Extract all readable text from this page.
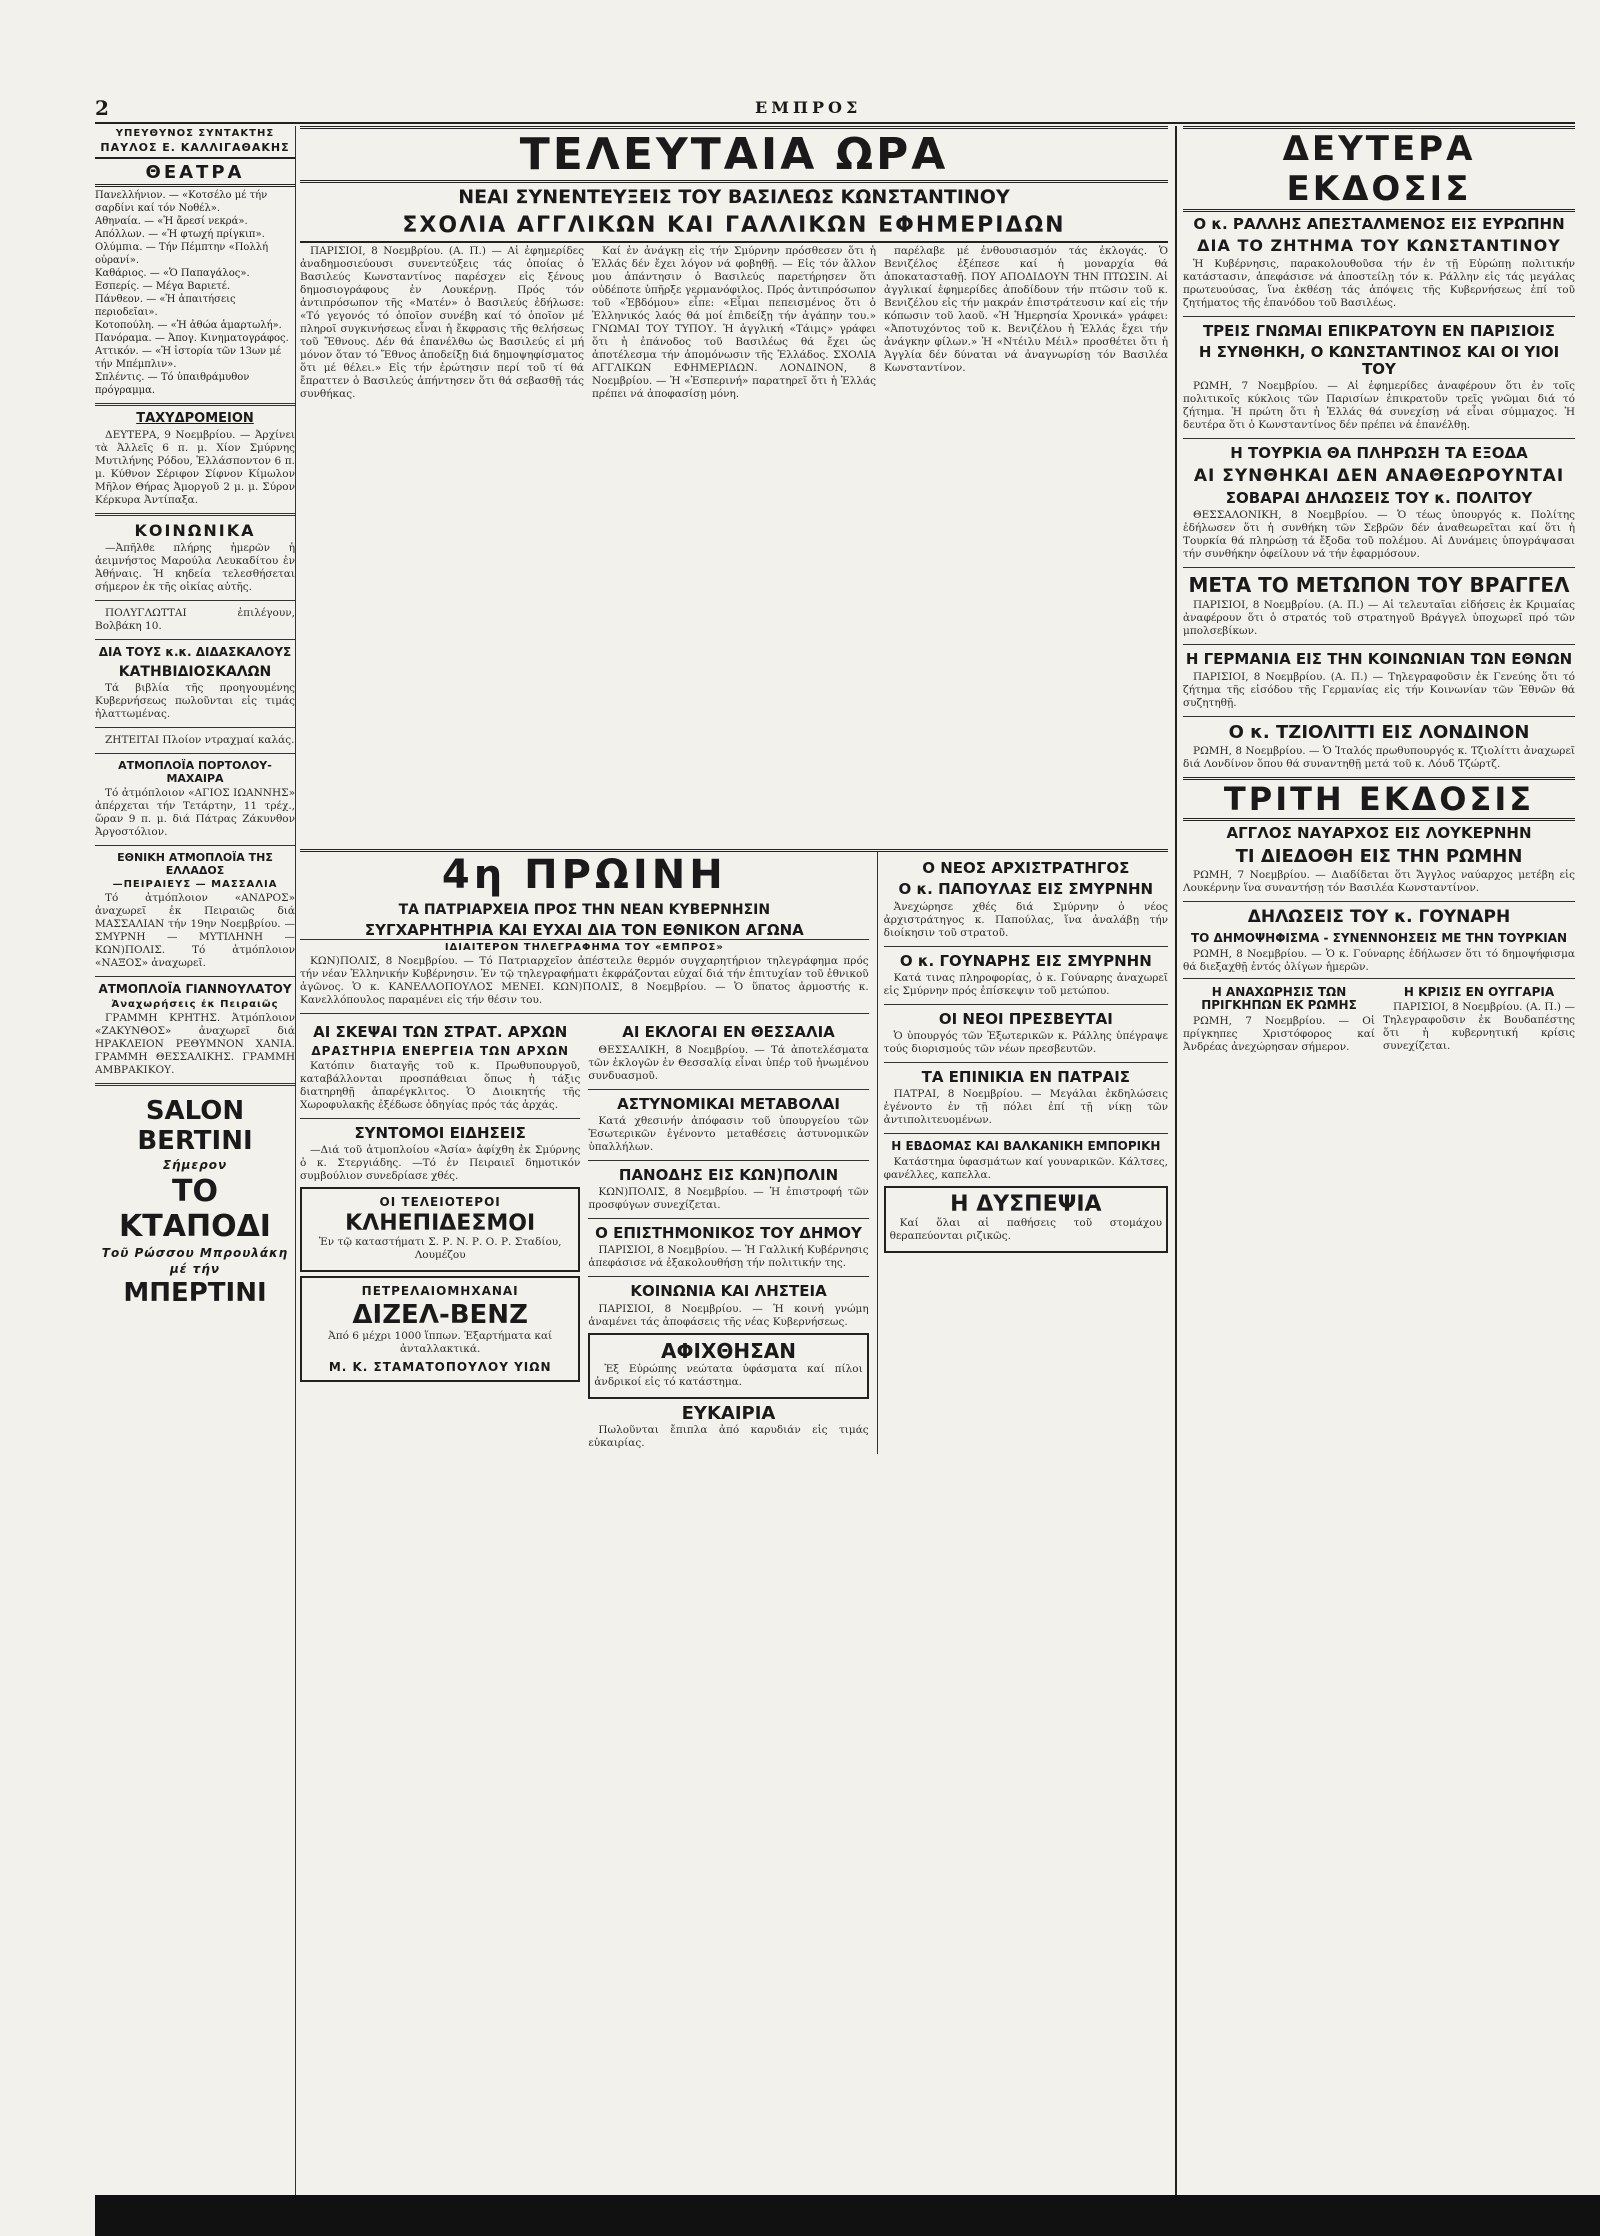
2	ΕΜΠΡΟΣ
ΥΠΕΥΘΥΝΟΣ ΣΥΝΤΑΚΤΗΣ
ΠΑΥΛΟΣ Ε. ΚΑΛΛΙΓΑΘΑΚΗΣ
ΘΕΑΤΡΑ
Πανελλήνιον. — «Κοτσέλο μέ τήν σαρδίνι καί τόν Νοθέλ».
Αθηναία. — «Ἡ ἄρεσί νεκρά».
Απόλλων. — «Ἡ φτωχή πρίγκιπ».
Ολύμπια. — Τήν Πέμπτην «Πολλή οὐρανί».
Καθάριος. — «Ὁ Παπαγάλος».
Εσπερίς. — Μέγα Βαριετέ.
Πάνθεον. — «Ἡ ἀπαιτήσεις περιοδεῖαι».
Κοτοπούλη. — «Ἡ ἀθώα ἁμαρτωλή».
Πανόραμα. — Ἀπογ. Κινηματογράφος.
Αττικόν. — «Ἡ ἱστορία τῶν 13ων μέ τήν Μπέμπλιν».
Σπλέντις. — Τό ὑπαιθράμυθον πρόγραμμα.
ΤΑΧΥΔΡΟΜΕΙΟΝ

ΔΕΥΤΕΡΑ, 9 Νοεμβρίου. — Ἀρχίνει τὰ Ἀλλεῖς 6 π. μ. Χίον Σμύρνης Μυτιλήνης Ρόδου, Ἑλλάσποντον 6 π. μ. Κύθνον Σέριφον Σίφνον Κίμωλον Μῆλον Θήρας Ἀμοργοῦ 2 μ. μ. Σύρον Κέρκυρα Ἀντίπαξα.

ΚΟΙΝΩΝΙΚΑ

—Ἀπῆλθε πλήρης ἡμερῶν ἡ ἀειμνήστος Μαρούλα Λευκαδίτου ἐν Ἀθήναις. Ἡ κηδεία τελεσθήσεται σήμερον ἐκ τῆς οἰκίας αὐτῆς.

ΠΟΛΥΓΛΩΤΤΑΙ ἐπιλέγουν, Βολβάκη 10.

ΔΙΑ ΤΟΥΣ κ.κ. ΔΙΔΑΣΚΑΛΟΥΣ
ΚΑΤΗΒΙΔΙΟΣΚΑΛΩΝ

Τά βιβλία τῆς προηγουμένης Κυβερνήσεως πωλοῦνται εἰς τιμάς ἡλαττωμένας.

ΖΗΤΕΙΤΑΙ Πλοίον ντραχμαί καλάς.

ΑΤΜΟΠΛΟΪΑ ΠΟΡΤΟΛΟΥ-ΜΑΧΑΙΡΑ

Τό ἀτμόπλοιον «ΑΓΙΟΣ ΙΩΑΝΝΗΣ» ἀπέρχεται τήν Τετάρτην, 11 τρέχ., ὥραν 9 π. μ. διά Πάτρας Ζάκυνθον Ἀργοστόλιον.

ΕΘΝΙΚΗ ΑΤΜΟΠΛΟΪΑ ΤΗΣ ΕΛΛΑΔΟΣ
—ΠΕΙΡΑΙΕΥΣ — ΜΑΣΣΑΛΙΑ

Τό ἀτμόπλοιον «ΑΝΔΡΟΣ» ἀναχωρεῖ ἐκ Πειραιῶς διά ΜΑΣΣΑΛΙΑΝ τήν 19ην Νοεμβρίου. — ΣΜΥΡΝΗ — ΜΥΤΙΛΗΝΗ — ΚΩΝ)ΠΟΛΙΣ. Τό ἀτμόπλοιον «ΝΑΞΟΣ» ἀναχωρεῖ.

ΑΤΜΟΠΛΟΪΑ ΓΙΑΝΝΟΥΛΑΤΟΥ
Ἀναχωρήσεις ἐκ Πειραιῶς

ΓΡΑΜΜΗ ΚΡΗΤΗΣ. Ἀτμόπλοιον «ΖΑΚΥΝΘΟΣ» ἀναχωρεῖ διά ΗΡΑΚΛΕΙΟΝ ΡΕΘΥΜΝΟΝ ΧΑΝΙΑ. ΓΡΑΜΜΗ ΘΕΣΣΑΛΙΚΗΣ. ΓΡΑΜΜΗ ΑΜΒΡΑΚΙΚΟΥ.

SALON BERTINI
Σήμερον
ΤΟ ΚΤΑΠΟΔΙ
Τοῦ Ρώσσου Μπρουλάκη
μέ τήν
ΜΠΕΡΤΙΝΙ
ΤΕΛΕΥΤΑΙΑ ΩΡΑ
ΝΕΑΙ ΣΥΝΕΝΤΕΥΞΕΙΣ ΤΟΥ ΒΑΣΙΛΕΩΣ ΚΩΝΣΤΑΝΤΙΝΟΥ
ΣΧΟΛΙΑ ΑΓΓΛΙΚΩΝ ΚΑΙ ΓΑΛΛΙΚΩΝ ΕΦΗΜΕΡΙΔΩΝ

ΠΑΡΙΣΙΟΙ, 8 Νοεμβρίου. (Α. Π.) — Αἱ ἐφημερίδες ἀναδημοσιεύουσι συνεντεύξεις τάς ὁποίας ὁ Βασιλεύς Κωνσταντίνος παρέσχεν εἰς ξένους δημοσιογράφους ἐν Λουκέρνῃ. Πρός τόν ἀντιπρόσωπον τῆς «Ματέν» ὁ Βασιλεύς ἐδήλωσε: «Τό γεγονός τό ὁποῖον συνέβη καί τό ὁποῖον μέ πληροῖ συγκινήσεως εἶναι ἡ ἔκφρασις τῆς θελήσεως τοῦ Ἔθνους. Δέν θά ἐπανέλθω ὡς Βασιλεύς εἰ μή μόνον ὅταν τό Ἔθνος ἀποδείξῃ διά δημοψηφίσματος ὅτι μέ θέλει.» Εἰς τήν ἐρώτησιν περί τοῦ τί θά ἔπραττεν ὁ Βασιλεύς ἀπήντησεν ὅτι θά σεβασθῇ τάς συνθήκας.

Καί ἐν ἀνάγκῃ εἰς τήν Σμύρνην πρόσθεσεν ὅτι ἡ Ἑλλάς δέν ἔχει λόγον νά φοβηθῇ. — Εἰς τόν ἄλλον μου ἀπάντησιν ὁ Βασιλεύς παρετήρησεν ὅτι οὐδέποτε ὑπῆρξε γερμανόφιλος. Πρός ἀντιπρόσωπον τοῦ «Ἐβδόμου» εἶπε: «Εἶμαι πεπεισμένος ὅτι ὁ Ἑλληνικός λαός θά μοί ἐπιδείξῃ τήν ἀγάπην του.» ΓΝΩΜΑΙ ΤΟΥ ΤΥΠΟΥ. Ἡ ἀγγλική «Τάιμς» γράφει ὅτι ἡ ἐπάνοδος τοῦ Βασιλέως θά ἔχει ὡς ἀποτέλεσμα τήν ἀπομόνωσιν τῆς Ἑλλάδος. ΣΧΟΛΙΑ ΑΓΓΛΙΚΩΝ ΕΦΗΜΕΡΙΔΩΝ. ΛΟΝΔΙΝΟΝ, 8 Νοεμβρίου. — Ἡ «Ἐσπερινή» παρατηρεῖ ὅτι ἡ Ἑλλάς πρέπει νά ἀποφασίσῃ μόνη.

παρέλαβε μέ ἐνθουσιασμόν τάς ἐκλογάς. Ὁ Βενιζέλος ἐξέπεσε καί ἡ μοναρχία θά ἀποκατασταθῇ. ΠΟΥ ΑΠΟΔΙΔΟΥΝ ΤΗΝ ΠΤΩΣΙΝ. Αἱ ἀγγλικαί ἐφημερίδες ἀποδίδουν τήν πτῶσιν τοῦ κ. Βενιζέλου εἰς τήν μακράν ἐπιστράτευσιν καί εἰς τήν κόπωσιν τοῦ λαοῦ. «Ἡ Ἡμερησία Χρονικά» γράφει: «Ἀποτυχόντος τοῦ κ. Βενιζέλου ἡ Ἑλλάς ἔχει τήν ἀνάγκην φίλων.» Ἡ «Ντέιλυ Μέιλ» προσθέτει ὅτι ἡ Ἀγγλία δέν δύναται νά ἀναγνωρίσῃ τόν Βασιλέα Κωνσταντίνον.

4η ΠΡΩΙΝΗ
ΤΑ ΠΑΤΡΙΑΡΧΕΙΑ ΠΡΟΣ ΤΗΝ ΝΕΑΝ ΚΥΒΕΡΝΗΣΙΝ
ΣΥΓΧΑΡΗΤΗΡΙΑ ΚΑΙ ΕΥΧΑΙ ΔΙΑ ΤΟΝ ΕΘΝΙΚΟΝ ΑΓΩΝΑ
ΙΔΙΑΙΤΕΡΟΝ ΤΗΛΕΓΡΑΦΗΜΑ ΤΟΥ «ΕΜΠΡΟΣ»

ΚΩΝ)ΠΟΛΙΣ, 8 Νοεμβρίου. — Τό Πατριαρχεῖον ἀπέστειλε θερμόν συγχαρητήριον τηλεγράφημα πρός τήν νέαν Ἑλληνικήν Κυβέρνησιν. Ἐν τῷ τηλεγραφήματι ἐκφράζονται εὐχαί διά τήν ἐπιτυχίαν τοῦ ἐθνικοῦ ἀγῶνος. Ὁ κ. ΚΑΝΕΛΛΟΠΟΥΛΟΣ ΜΕΝΕΙ. ΚΩΝ)ΠΟΛΙΣ, 8 Νοεμβρίου. — Ὁ ὕπατος ἀρμοστής κ. Κανελλόπουλος παραμένει εἰς τήν θέσιν του.

ΑΙ ΣΚΕΨΑΙ ΤΩΝ ΣΤΡΑΤ. ΑΡΧΩΝ
ΔΡΑΣΤΗΡΙΑ ΕΝΕΡΓΕΙΑ ΤΩΝ ΑΡΧΩΝ

Κατόπιν διαταγῆς τοῦ κ. Πρωθυπουργοῦ, καταβάλλονται προσπάθειαι ὅπως ἡ τάξις διατηρηθῇ ἀπαρέγκλιτος. Ὁ Διοικητής τῆς Χωροφυλακῆς ἐξέδωσε ὁδηγίας πρός τάς ἀρχάς.

ΣΥΝΤΟΜΟΙ ΕΙΔΗΣΕΙΣ

—Διά τοῦ ἀτμοπλοίου «Ἀσία» ἀφίχθη ἐκ Σμύρνης ὁ κ. Στεργιάδης. —Τό ἐν Πειραιεῖ δημοτικόν συμβούλιον συνεδρίασε χθές.

ΟΙ ΤΕΛΕΙΟΤΕΡΟΙ
ΚΛΗΕΠΙΔΕΣΜΟΙ

Ἐν τῷ καταστήματι Σ. Ρ. Ν. Ρ. Ο. Ρ. Σταδίου, Λουμέζου

ΠΕΤΡΕΛΑΙΟΜΗΧΑΝΑΙ
ΔΙΖΕΛ-ΒΕΝΖ

Ἀπό 6 μέχρι 1000 ἵππων. Ἐξαρτήματα καί ἀνταλλακτικά.

Μ. Κ. ΣΤΑΜΑΤΟΠΟΥΛΟΥ ΥΙΩΝ
ΑΙ ΕΚΛΟΓΑΙ ΕΝ ΘΕΣΣΑΛΙΑ

ΘΕΣΣΑΛΙΚΗ, 8 Νοεμβρίου. — Τά ἀποτελέσματα τῶν ἐκλογῶν ἐν Θεσσαλίᾳ εἶναι ὑπέρ τοῦ ἡνωμένου συνδυασμοῦ.

ΑΣΤΥΝΟΜΙΚΑΙ ΜΕΤΑΒΟΛΑΙ

Κατά χθεσινήν ἀπόφασιν τοῦ ὑπουργείου τῶν Ἐσωτερικῶν ἐγένοντο μεταθέσεις ἀστυνομικῶν ὑπαλλήλων.

ΠΑΝΟΔΗΣ ΕΙΣ ΚΩΝ)ΠΟΛΙΝ

ΚΩΝ)ΠΟΛΙΣ, 8 Νοεμβρίου. — Ἡ ἐπιστροφή τῶν προσφύγων συνεχίζεται.

Ο ΕΠΙΣΤΗΜΟΝΙΚΟΣ ΤΟΥ ΔΗΜΟΥ

ΠΑΡΙΣΙΟΙ, 8 Νοεμβρίου. — Ἡ Γαλλική Κυβέρνησις ἀπεφάσισε νά ἐξακολουθήσῃ τήν πολιτικήν της.

ΚΟΙΝΩΝΙΑ ΚΑΙ ΛΗΣΤΕΙΑ

ΠΑΡΙΣΙΟΙ, 8 Νοεμβρίου. — Ἡ κοινή γνώμη ἀναμένει τάς ἀποφάσεις τῆς νέας Κυβερνήσεως.

ΑΦΙΧΘΗΣΑΝ

Ἐξ Εὐρώπης νεώτατα ὑφάσματα καί πίλοι ἀνδρικοί εἰς τό κατάστημα.

ΕΥΚΑΙΡΙΑ

Πωλοῦνται ἔπιπλα ἀπό καρυδιάν εἰς τιμάς εὐκαιρίας.

Ο ΝΕΟΣ ΑΡΧΙΣΤΡΑΤΗΓΟΣ
Ο κ. ΠΑΠΟΥΛΑΣ ΕΙΣ ΣΜΥΡΝΗΝ

Ἀνεχώρησε χθές διά Σμύρνην ὁ νέος ἀρχιστράτηγος κ. Παπούλας, ἵνα ἀναλάβῃ τήν διοίκησιν τοῦ στρατοῦ.

Ο κ. ΓΟΥΝΑΡΗΣ ΕΙΣ ΣΜΥΡΝΗΝ

Κατά τινας πληροφορίας, ὁ κ. Γούναρης ἀναχωρεῖ εἰς Σμύρνην πρός ἐπίσκεψιν τοῦ μετώπου.

ΟΙ ΝΕΟΙ ΠΡΕΣΒΕΥΤΑΙ

Ὁ ὑπουργός τῶν Ἐξωτερικῶν κ. Ράλλης ὑπέγραψε τούς διορισμούς τῶν νέων πρεσβευτῶν.

ΤΑ ΕΠΙΝΙΚΙΑ ΕΝ ΠΑΤΡΑΙΣ

ΠΑΤΡΑΙ, 8 Νοεμβρίου. — Μεγάλαι ἐκδηλώσεις ἐγένοντο ἐν τῇ πόλει ἐπί τῇ νίκῃ τῶν ἀντιπολιτευομένων.

Η ΕΒΔΟΜΑΣ ΚΑΙ ΒΑΛΚΑΝΙΚΗ ΕΜΠΟΡΙΚΗ

Κατάστημα ὑφασμάτων καί γουναρικῶν. Κάλτσες, φανέλλες, καπελλα.

Η ΔΥΣΠΕΨΙΑ

Καί ὅλαι αἱ παθήσεις τοῦ στομάχου θεραπεύονται ριζικῶς.

ΔΕΥΤΕΡΑ ΕΚΔΟΣΙΣ
Ο κ. ΡΑΛΛΗΣ ΑΠΕΣΤΑΛΜΕΝΟΣ ΕΙΣ ΕΥΡΩΠΗΝ
ΔΙΑ ΤΟ ΖΗΤΗΜΑ ΤΟΥ ΚΩΝΣΤΑΝΤΙΝΟΥ

Ἡ Κυβέρνησις, παρακολουθοῦσα τήν ἐν τῇ Εὐρώπῃ πολιτικήν κατάστασιν, ἀπεφάσισε νά ἀποστείλῃ τόν κ. Ράλλην εἰς τάς μεγάλας πρωτευούσας, ἵνα ἐκθέσῃ τάς ἀπόψεις τῆς Κυβερνήσεως ἐπί τοῦ ζητήματος τῆς ἐπανόδου τοῦ Βασιλέως.

ΤΡΕΙΣ ΓΝΩΜΑΙ ΕΠΙΚΡΑΤΟΥΝ ΕΝ ΠΑΡΙΣΙΟΙΣ
Η ΣΥΝΘΗΚΗ, Ο ΚΩΝΣΤΑΝΤΙΝΟΣ ΚΑΙ ΟΙ ΥΙΟΙ ΤΟΥ

ΡΩΜΗ, 7 Νοεμβρίου. — Αἱ ἐφημερίδες ἀναφέρουν ὅτι ἐν τοῖς πολιτικοῖς κύκλοις τῶν Παρισίων ἐπικρατοῦν τρεῖς γνῶμαι διά τό ζήτημα. Ἡ πρώτη ὅτι ἡ Ἑλλάς θά συνεχίσῃ νά εἶναι σύμμαχος. Ἡ δευτέρα ὅτι ὁ Κωνσταντίνος δέν πρέπει νά ἐπανέλθῃ.

Η ΤΟΥΡΚΙΑ ΘΑ ΠΛΗΡΩΣΗ ΤΑ ΕΞΟΔΑ
ΑΙ ΣΥΝΘΗΚΑΙ ΔΕΝ ΑΝΑΘΕΩΡΟΥΝΤΑΙ
ΣΟΒΑΡΑΙ ΔΗΛΩΣΕΙΣ ΤΟΥ κ. ΠΟΛΙΤΟΥ

ΘΕΣΣΑΛΟΝΙΚΗ, 8 Νοεμβρίου. — Ὁ τέως ὑπουργός κ. Πολίτης ἐδήλωσεν ὅτι ἡ συνθήκη τῶν Σεβρῶν δέν ἀναθεωρεῖται καί ὅτι ἡ Τουρκία θά πληρώσῃ τά ἔξοδα τοῦ πολέμου. Αἱ Δυνάμεις ὑπογράψασαι τήν συνθήκην ὀφείλουν νά τήν ἐφαρμόσουν.

ΜΕΤΑ ΤΟ ΜΕΤΩΠΟΝ ΤΟΥ ΒΡΑΓΓΕΛ

ΠΑΡΙΣΙΟΙ, 8 Νοεμβρίου. (Α. Π.) — Αἱ τελευταῖαι εἰδήσεις ἐκ Κριμαίας ἀναφέρουν ὅτι ὁ στρατός τοῦ στρατηγοῦ Βράγγελ ὑποχωρεῖ πρό τῶν μπολσεβίκων.

Η ΓΕΡΜΑΝΙΑ ΕΙΣ ΤΗΝ ΚΟΙΝΩΝΙΑΝ ΤΩΝ ΕΘΝΩΝ

ΠΑΡΙΣΙΟΙ, 8 Νοεμβρίου. (Α. Π.) — Τηλεγραφοῦσιν ἐκ Γενεύης ὅτι τό ζήτημα τῆς εἰσόδου τῆς Γερμανίας εἰς τήν Κοινωνίαν τῶν Ἐθνῶν θά συζητηθῇ.

Ο κ. ΤΖΙΟΛΙΤΤΙ ΕΙΣ ΛΟΝΔΙΝΟΝ

ΡΩΜΗ, 8 Νοεμβρίου. — Ὁ Ἰταλός πρωθυπουργός κ. Τζιολίττι ἀναχωρεῖ διά Λονδίνον ὅπου θά συναντηθῇ μετά τοῦ κ. Λόυδ Τζώρτζ.

ΤΡΙΤΗ ΕΚΔΟΣΙΣ
ΑΓΓΛΟΣ ΝΑΥΑΡΧΟΣ ΕΙΣ ΛΟΥΚΕΡΝΗΝ
ΤΙ ΔΙΕΔΟΘΗ ΕΙΣ ΤΗΝ ΡΩΜΗΝ

ΡΩΜΗ, 7 Νοεμβρίου. — Διαδίδεται ὅτι Ἄγγλος ναύαρχος μετέβη εἰς Λουκέρνην ἵνα συναντήσῃ τόν Βασιλέα Κωνσταντίνον.

ΔΗΛΩΣΕΙΣ ΤΟΥ κ. ΓΟΥΝΑΡΗ
ΤΟ ΔΗΜΟΨΗΦΙΣΜΑ - ΣΥΝΕΝΝΟΗΣΕΙΣ ΜΕ ΤΗΝ ΤΟΥΡΚΙΑΝ

ΡΩΜΗ, 8 Νοεμβρίου. — Ὁ κ. Γούναρης ἐδήλωσεν ὅτι τό δημοψήφισμα θά διεξαχθῇ ἐντός ὀλίγων ἡμερῶν.

Η ΑΝΑΧΩΡΗΣΙΣ ΤΩΝ ΠΡΙΓΚΗΠΩΝ ΕΚ ΡΩΜΗΣ

ΡΩΜΗ, 7 Νοεμβρίου. — Οἱ πρίγκηπες Χριστόφορος καί Ἀνδρέας ἀνεχώρησαν σήμερον.

Η ΚΡΙΣΙΣ ΕΝ ΟΥΓΓΑΡΙΑ

ΠΑΡΙΣΙΟΙ, 8 Νοεμβρίου. (Α. Π.) — Τηλεγραφοῦσιν ἐκ Βουδαπέστης ὅτι ἡ κυβερνητική κρίσις συνεχίζεται.
